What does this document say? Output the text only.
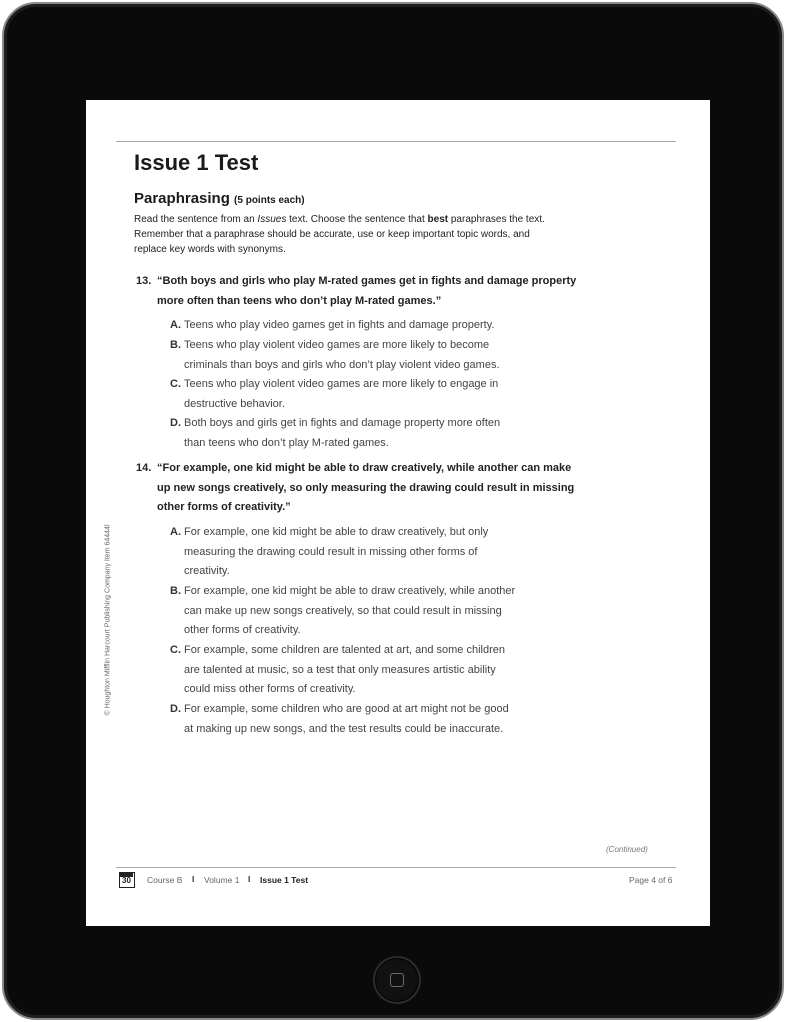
© Houghton Mifflin Harcourt Publishing Company Item 64444l
Issue 1 Test
Paraphrasing (5 points each)
Read the sentence from an Issues text. Choose the sentence that best paraphrases the text.
Remember that a paraphrase should be accurate, use or keep important topic words, and
replace key words with synonyms.
13. “Both boys and girls who play M-rated games get in fights and damage property
more often than teens who don’t play M-rated games.”
A. Teens who play video games get in fights and damage property.
B. Teens who play violent video games are more likely to become
criminals than boys and girls who don’t play violent video games.
C. Teens who play violent video games are more likely to engage in
destructive behavior.
D. Both boys and girls get in fights and damage property more often
than teens who don’t play M-rated games.
14. “For example, one kid might be able to draw creatively, while another can make
up new songs creatively, so only measuring the drawing could result in missing
other forms of creativity.”
A. For example, one kid might be able to draw creatively, but only
measuring the drawing could result in missing other forms of
creativity.
B. For example, one kid might be able to draw creatively, while another
can make up new songs creatively, so that could result in missing
other forms of creativity.
C. For example, some children are talented at art, and some children
are talented at music, so a test that only measures artistic ability
could miss other forms of creativity.
D. For example, some children who are good at art might not be good
at making up new songs, and the test results could be inaccurate.
(Continued)
30 Course B I Volume 1 I Issue 1 Test	Page 4 of 6
